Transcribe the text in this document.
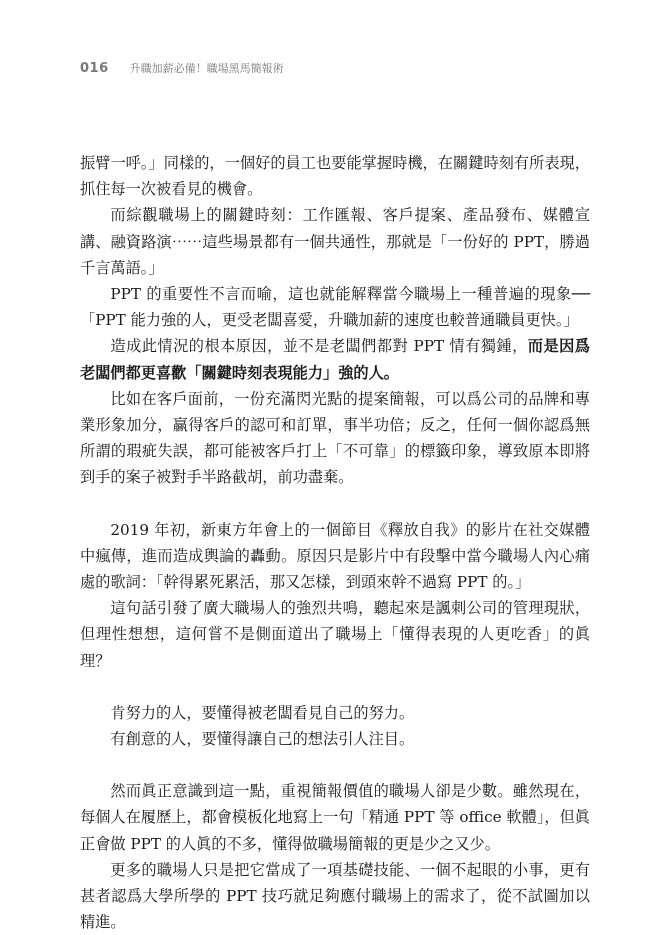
016 升職加薪必備！職場黑馬簡報術

振臂一呼。」同樣的，一個好的員工也要能掌握時機，在關鍵時刻有所表現，抓住每一次被看見的機會。

而綜觀職場上的關鍵時刻：工作匯報、客戶提案、產品發布、媒體宣講、融資路演⋯⋯這些場景都有一個共通性，那就是「一份好的 PPT，勝過千言萬語。」

PPT 的重要性不言而喻，這也就能解釋當今職場上一種普遍的現象──「PPT 能力強的人，更受老闆喜愛，升職加薪的速度也較普通職員更快。」

造成此情況的根本原因，並不是老闆們都對 PPT 情有獨鍾，而是因爲老闆們都更喜歡「關鍵時刻表現能力」強的人。

比如在客戶面前，一份充滿閃光點的提案簡報，可以爲公司的品牌和專業形象加分，贏得客戶的認可和訂單，事半功倍；反之，任何一個你認爲無所謂的瑕疵失誤，都可能被客戶打上「不可靠」的標籤印象，導致原本即將到手的案子被對手半路截胡，前功盡棄。

2019 年初，新東方年會上的一個節目《釋放自我》的影片在社交媒體中瘋傳，進而造成輿論的轟動。原因只是影片中有段擊中當今職場人內心痛處的歌詞：「幹得累死累活，那又怎樣，到頭來幹不過寫 PPT 的。」

這句話引發了廣大職場人的強烈共鳴，聽起來是諷刺公司的管理現狀，但理性想想，這何嘗不是側面道出了職場上「懂得表現的人更吃香」的眞理？

肯努力的人，要懂得被老闆看見自己的努力。

有創意的人，要懂得讓自己的想法引人注目。

然而眞正意識到這一點，重視簡報價值的職場人卻是少數。雖然現在，每個人在履歷上，都會模板化地寫上一句「精通 PPT 等 office 軟體」，但眞正會做 PPT 的人眞的不多，懂得做職場簡報的更是少之又少。

更多的職場人只是把它當成了一項基礎技能、一個不起眼的小事，更有甚者認爲大學所學的 PPT 技巧就足夠應付職場上的需求了，從不試圖加以精進。
